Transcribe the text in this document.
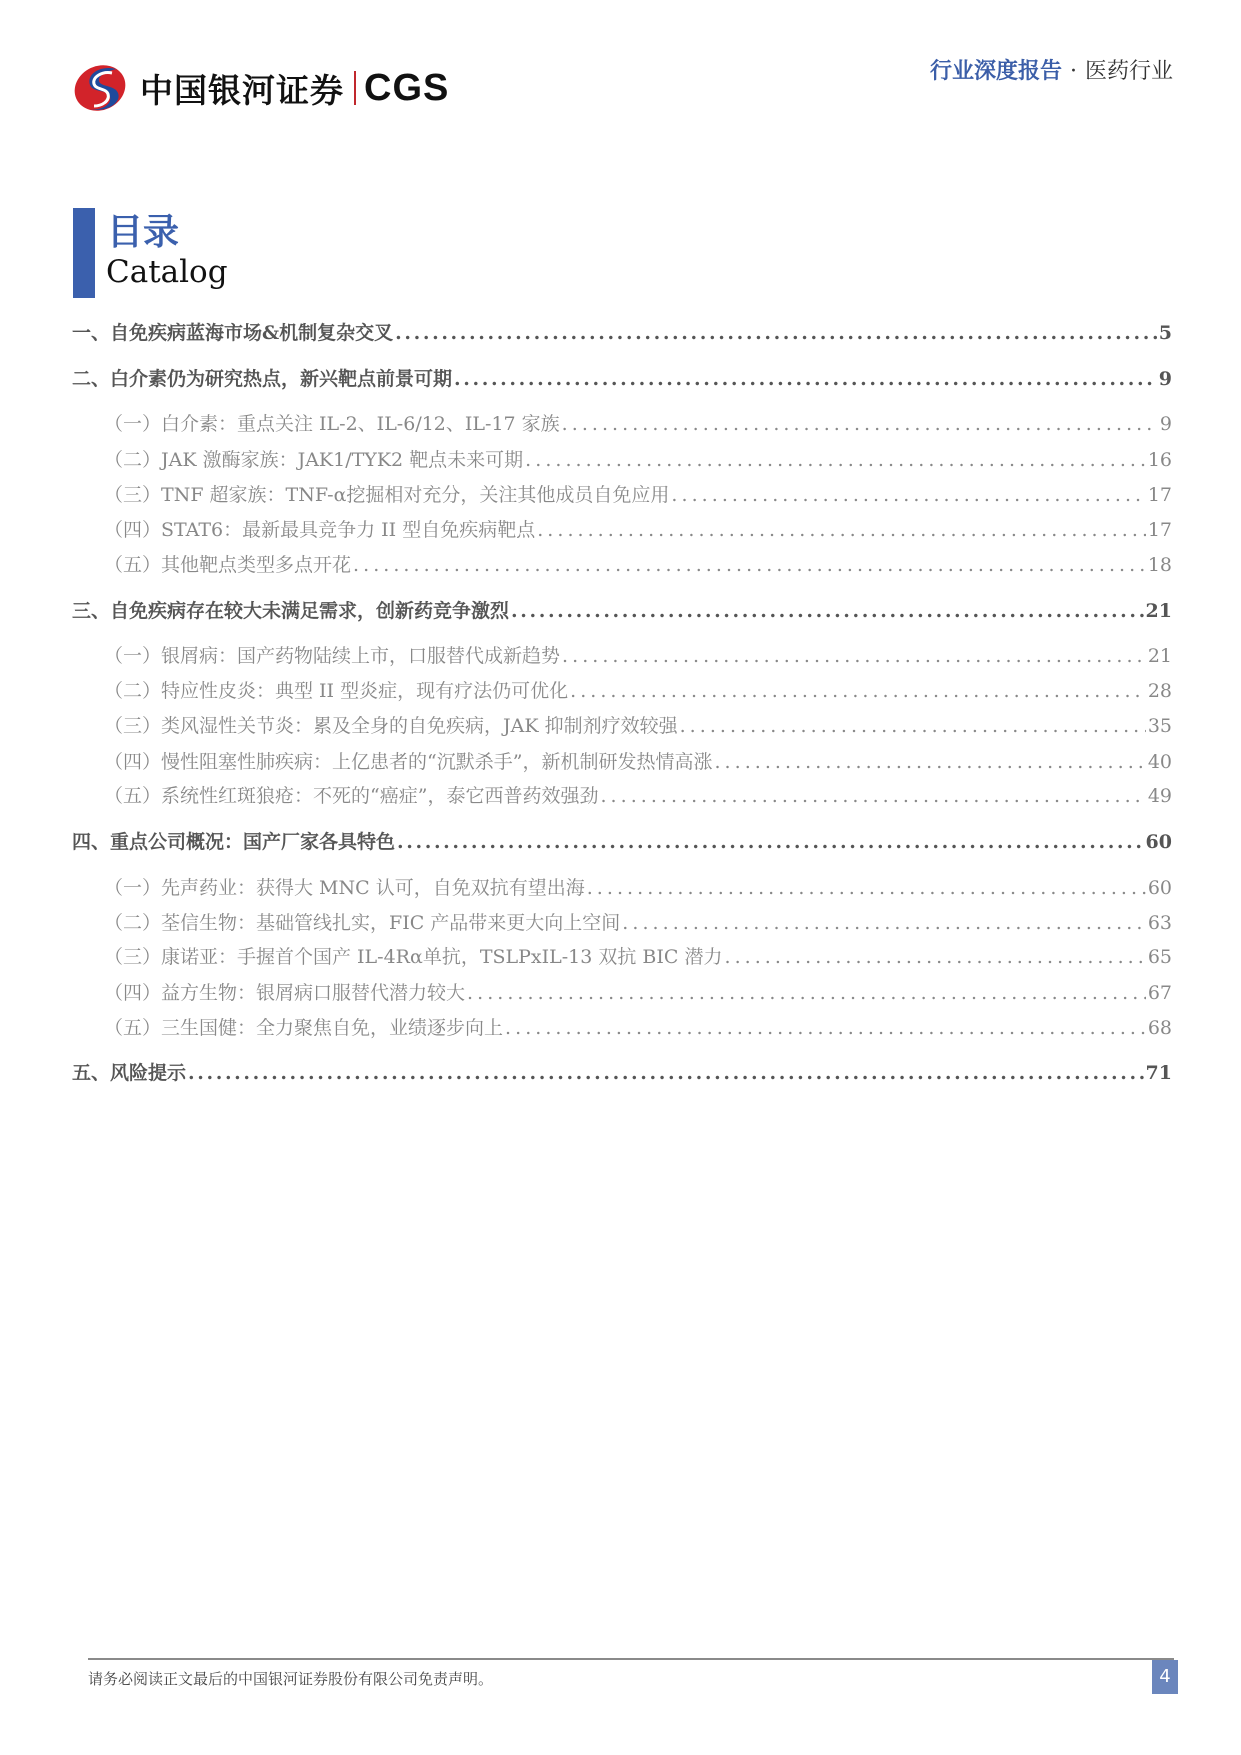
中国银河证券 CGS	行业深度报告 · 医药行业
目录
Catalog
一、 自免疾病蓝海市场&机制复杂交叉 . . .	5
二、 白介素仍为研究热点，新兴靶点前景可期 . . .	9
（一） 白介素：重点关注 IL-2、IL-6/12、IL-17 家族 . . .	9
（二） JAK 激酶家族：JAK1/TYK2 靶点未来可期 . . .	16
（三） TNF 超家族：TNF-α挖掘相对充分，关注其他成员自免应用 . . .	17
（四） STAT6：最新最具竞争力 II 型自免疾病靶点 . . .	17
（五） 其他靶点类型多点开花 . . .	18
三、 自免疾病存在较大未满足需求，创新药竞争激烈 . . .	21
（一） 银屑病：国产药物陆续上市，口服替代成新趋势 . . .	21
（二） 特应性皮炎：典型 II 型炎症，现有疗法仍可优化 . . .	28
（三） 类风湿性关节炎：累及全身的自免疾病，JAK 抑制剂疗效较强 . . .	35
（四） 慢性阻塞性肺疾病：上亿患者的“沉默杀手”，新机制研发热情高涨 . . .	40
（五） 系统性红斑狼疮：不死的“癌症”，泰它西普药效强劲 . . .	49
四、 重点公司概况：国产厂家各具特色 . . .	60
（一） 先声药业：获得大 MNC 认可，自免双抗有望出海 . . .	60
（二） 荃信生物：基础管线扎实，FIC 产品带来更大向上空间 . . .	63
（三） 康诺亚：手握首个国产 IL-4Rα单抗，TSLPxIL-13 双抗 BIC 潜力 . . .	65
（四） 益方生物：银屑病口服替代潜力较大 . . .	67
（五） 三生国健：全力聚焦自免，业绩逐步向上 . . .	68
五、 风险提示 . . .	71
请务必阅读正文最后的中国银河证券股份有限公司免责声明。	4
